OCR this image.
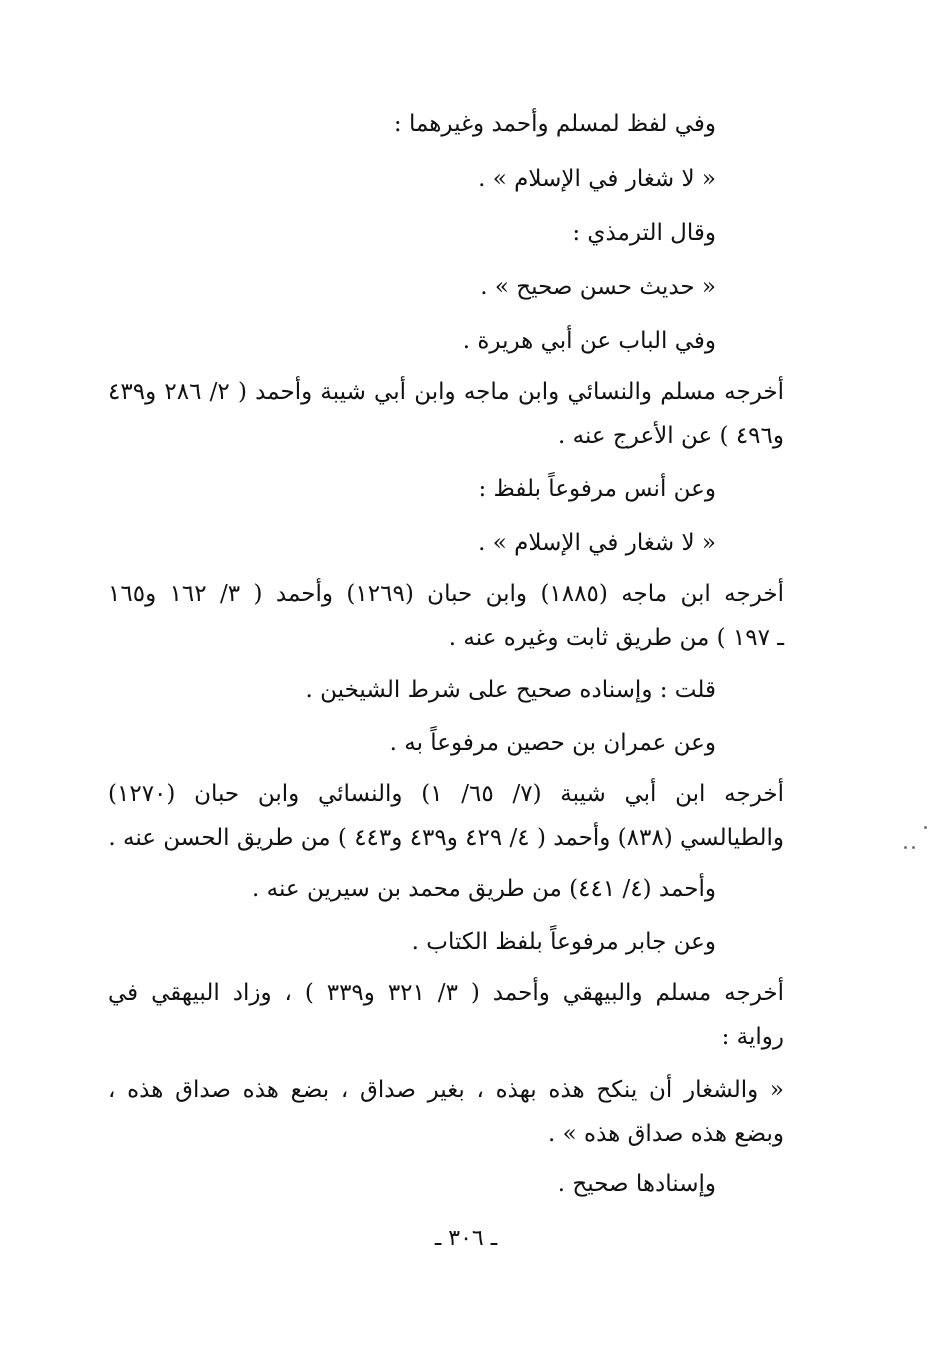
وفي لفظ لمسلم وأحمد وغيرهما :
« لا شغار في الإسلام » .
وقال الترمذي :
« حديث حسن صحيح » .
وفي الباب عن أبي هريرة .
أخرجه مسلم والنسائي وابن ماجه وابن أبي شيبة وأحمد ( ٢/ ٢٨٦ و٤٣٩
و٤٩٦ ) عن الأعرج عنه .
وعن أنس مرفوعاً بلفظ :
« لا شغار في الإسلام » .
أخرجه ابن ماجه (١٨٨٥) وابن حبان (١٢٦٩) وأحمد ( ٣/ ١٦٢ و١٦٥
ـ ١٩٧ ) من طريق ثابت وغيره عنه .
قلت : وإسناده صحيح على شرط الشيخين .
وعن عمران بن حصين مرفوعاً به .
أخرجه ابن أبي شيبة (٧/ ٦٥/ ١) والنسائي وابن حبان (١٢٧٠)
والطيالسي (٨٣٨) وأحمد ( ٤/ ٤٢٩ و٤٣٩ و٤٤٣ ) من طريق الحسن عنه .
وأحمد (٤/ ٤٤١) من طريق محمد بن سيرين عنه .
وعن جابر مرفوعاً بلفظ الكتاب .
أخرجه مسلم والبيهقي وأحمد ( ٣/ ٣٢١ و٣٣٩ ) ، وزاد البيهقي في
رواية :
« والشغار أن ينكح هذه بهذه ، بغير صداق ، بضع هذه صداق هذه ،
وبضع هذه صداق هذه » .
وإسنادها صحيح .
ـ ٣٠٦ ـ
